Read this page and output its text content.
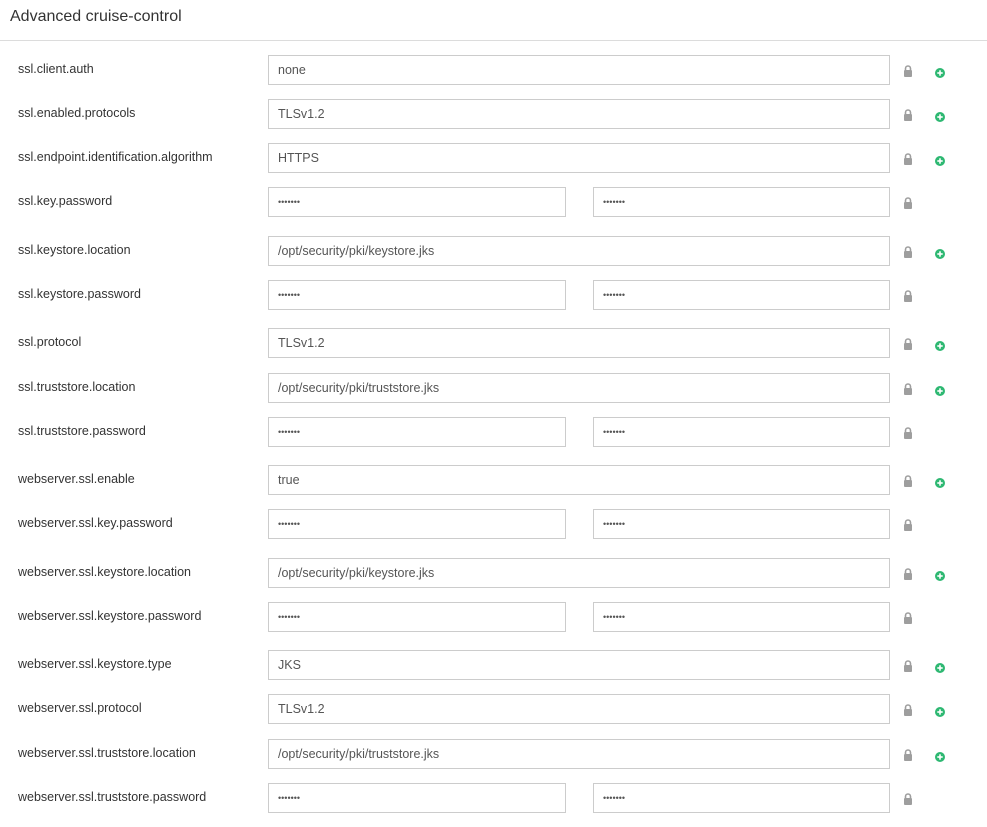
Advanced cruise-control
ssl.client.auth	none
ssl.enabled.protocols	TLSv1.2
ssl.endpoint.identification.algorithm	HTTPS
ssl.key.password	•••••••	•••••••
ssl.keystore.location	/opt/security/pki/keystore.jks
ssl.keystore.password	•••••••	•••••••
ssl.protocol	TLSv1.2
ssl.truststore.location	/opt/security/pki/truststore.jks
ssl.truststore.password	•••••••	•••••••
webserver.ssl.enable	true
webserver.ssl.key.password	•••••••	•••••••
webserver.ssl.keystore.location	/opt/security/pki/keystore.jks
webserver.ssl.keystore.password	•••••••	•••••••
webserver.ssl.keystore.type	JKS
webserver.ssl.protocol	TLSv1.2
webserver.ssl.truststore.location	/opt/security/pki/truststore.jks
webserver.ssl.truststore.password	•••••••	•••••••
